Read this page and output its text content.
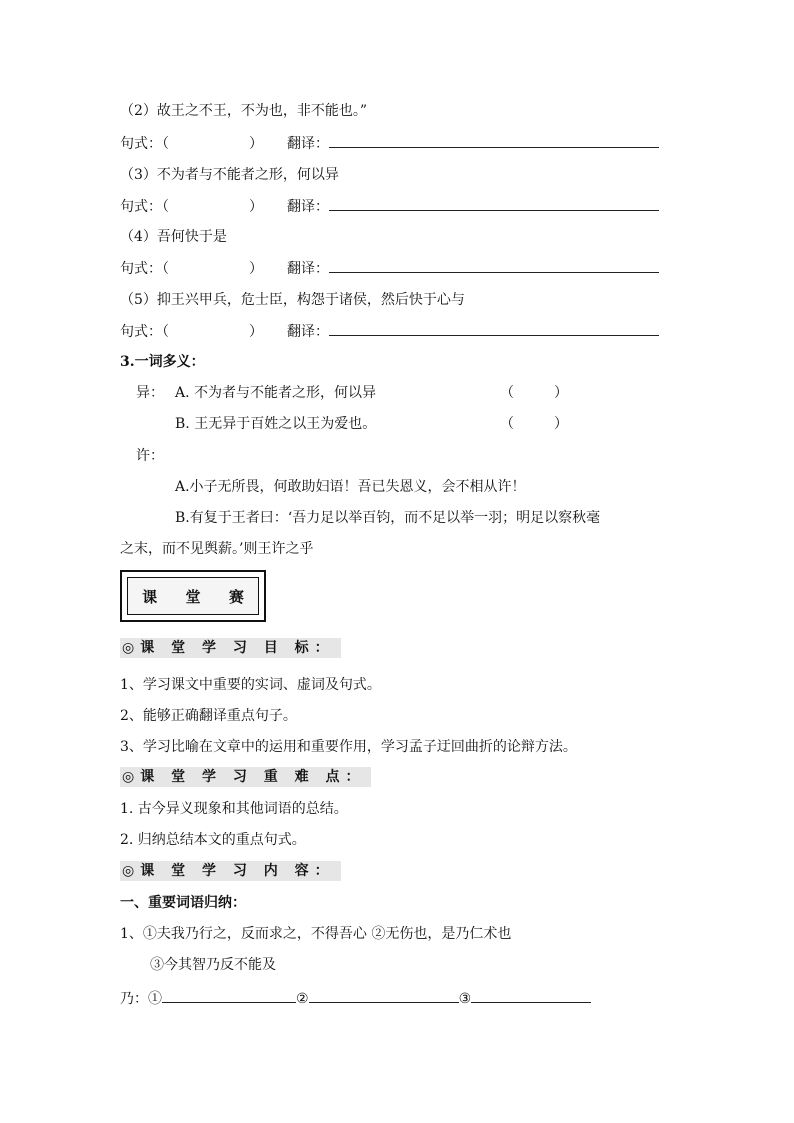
（2）故王之不王，不为也，非不能也。”
句式：（	） 翻译：
（3）不为者与不能者之形，何以异
句式：（	） 翻译：
（4）吾何快于是
句式：（	） 翻译：
（5）抑王兴甲兵，危士臣，构怨于诸侯，然后快于心与
句式：（	） 翻译：
3.一词多义：
异： A. 不为者与不能者之形，何以异	（	）
B. 王无异于百姓之以王为爱也。	（	）
许：
A.小子无所畏，何敢助妇语！吾已失恩义，会不相从许！
B.有复于王者曰：‘吾力足以举百钧，而不足以举一羽；明足以察秋毫
之末，而不见舆薪。’则王许之乎
课 堂 赛
◎课 堂 学 习 目 标：
1、学习课文中重要的实词、虚词及句式。
2、能够正确翻译重点句子。
3、学习比喻在文章中的运用和重要作用，学习孟子迂回曲折的论辩方法。
◎课 堂 学 习 重 难 点：
1. 古今异义现象和其他词语的总结。
2. 归纳总结本文的重点句式。
◎课 堂 学 习 内 容：
一、重要词语归纳：
1、①夫我乃行之，反而求之，不得吾心 ②无伤也，是乃仁术也
③今其智乃反不能及
乃：①	②	③
